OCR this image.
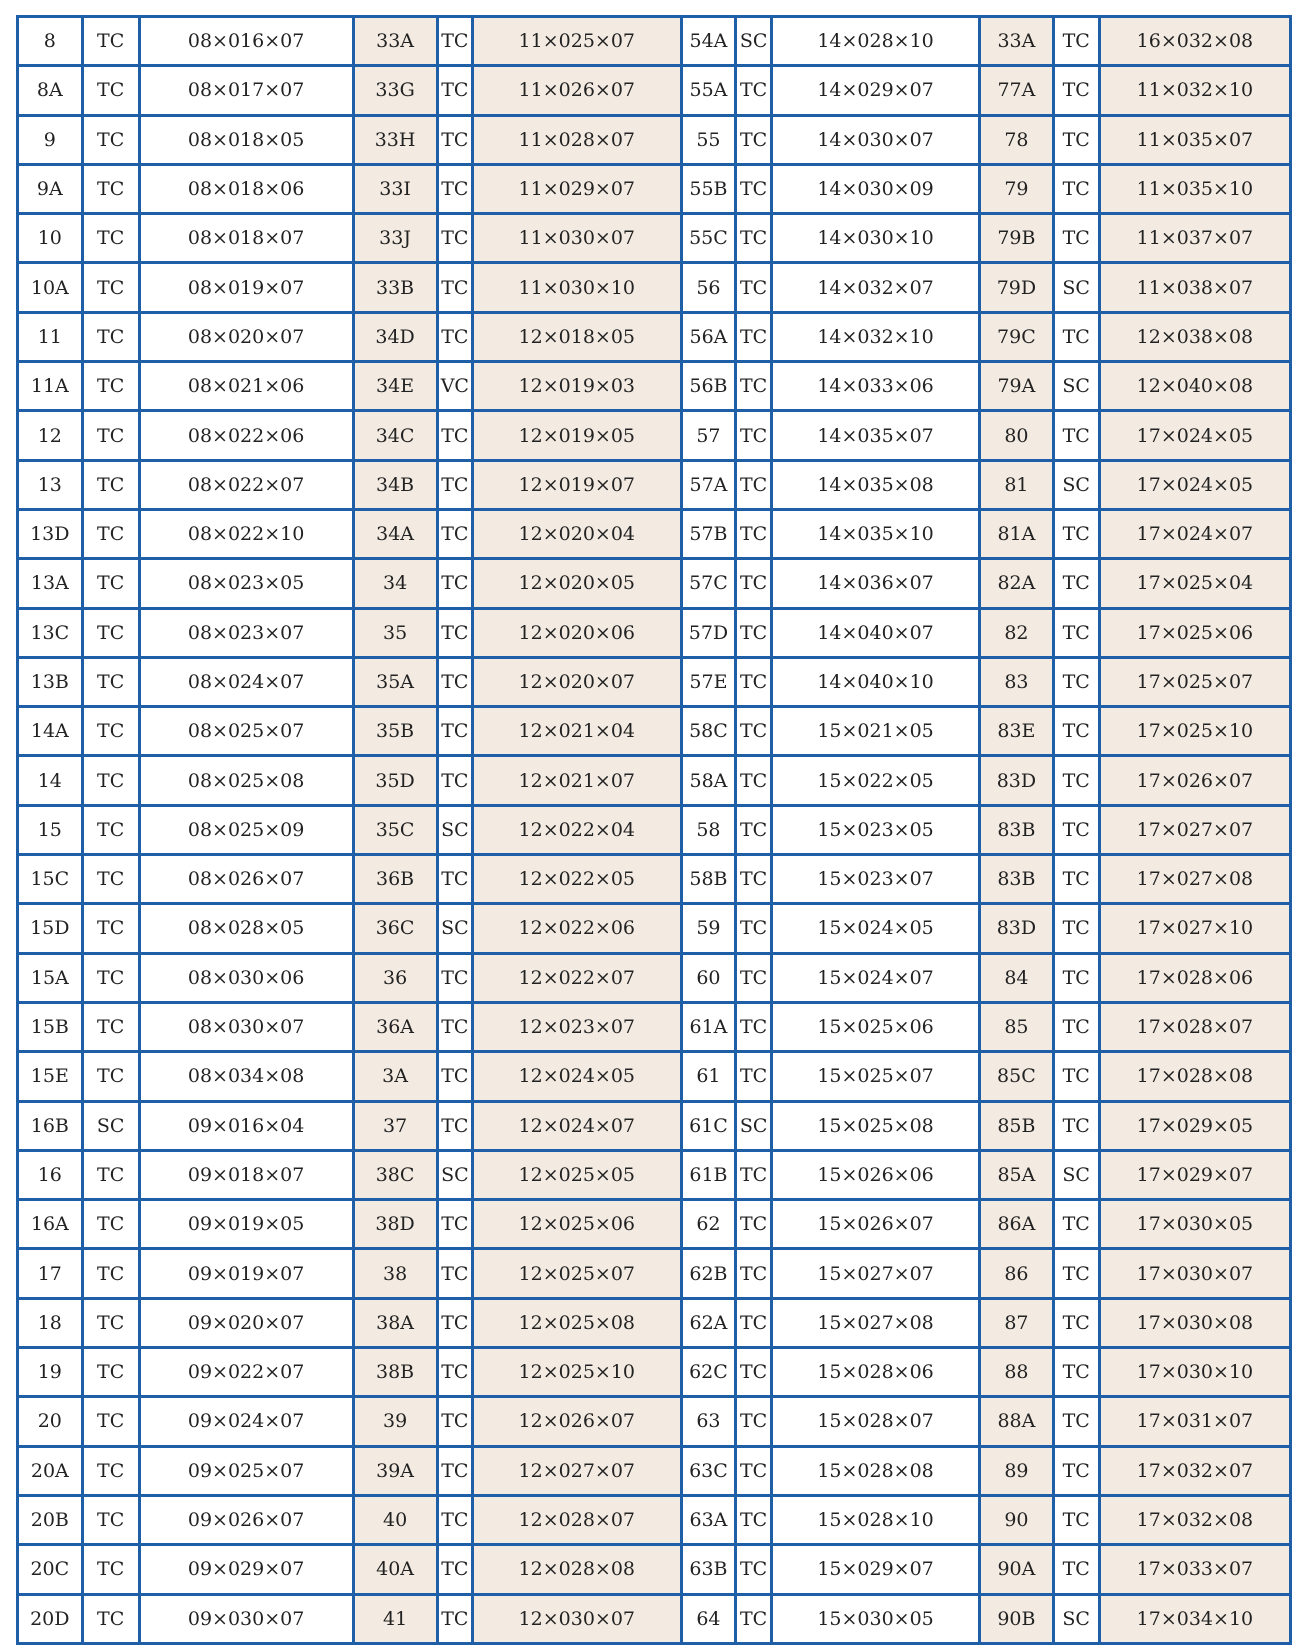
8	TC	08×016×07	33A	TC	11×025×07	54A	SC	14×028×10	33A	TC	16×032×08
8A	TC	08×017×07	33G	TC	11×026×07	55A	TC	14×029×07	77A	TC	11×032×10
9	TC	08×018×05	33H	TC	11×028×07	55	TC	14×030×07	78	TC	11×035×07
9A	TC	08×018×06	33I	TC	11×029×07	55B	TC	14×030×09	79	TC	11×035×10
10	TC	08×018×07	33J	TC	11×030×07	55C	TC	14×030×10	79B	TC	11×037×07
10A	TC	08×019×07	33B	TC	11×030×10	56	TC	14×032×07	79D	SC	11×038×07
11	TC	08×020×07	34D	TC	12×018×05	56A	TC	14×032×10	79C	TC	12×038×08
11A	TC	08×021×06	34E	VC	12×019×03	56B	TC	14×033×06	79A	SC	12×040×08
12	TC	08×022×06	34C	TC	12×019×05	57	TC	14×035×07	80	TC	17×024×05
13	TC	08×022×07	34B	TC	12×019×07	57A	TC	14×035×08	81	SC	17×024×05
13D	TC	08×022×10	34A	TC	12×020×04	57B	TC	14×035×10	81A	TC	17×024×07
13A	TC	08×023×05	34	TC	12×020×05	57C	TC	14×036×07	82A	TC	17×025×04
13C	TC	08×023×07	35	TC	12×020×06	57D	TC	14×040×07	82	TC	17×025×06
13B	TC	08×024×07	35A	TC	12×020×07	57E	TC	14×040×10	83	TC	17×025×07
14A	TC	08×025×07	35B	TC	12×021×04	58C	TC	15×021×05	83E	TC	17×025×10
14	TC	08×025×08	35D	TC	12×021×07	58A	TC	15×022×05	83D	TC	17×026×07
15	TC	08×025×09	35C	SC	12×022×04	58	TC	15×023×05	83B	TC	17×027×07
15C	TC	08×026×07	36B	TC	12×022×05	58B	TC	15×023×07	83B	TC	17×027×08
15D	TC	08×028×05	36C	SC	12×022×06	59	TC	15×024×05	83D	TC	17×027×10
15A	TC	08×030×06	36	TC	12×022×07	60	TC	15×024×07	84	TC	17×028×06
15B	TC	08×030×07	36A	TC	12×023×07	61A	TC	15×025×06	85	TC	17×028×07
15E	TC	08×034×08	3A	TC	12×024×05	61	TC	15×025×07	85C	TC	17×028×08
16B	SC	09×016×04	37	TC	12×024×07	61C	SC	15×025×08	85B	TC	17×029×05
16	TC	09×018×07	38C	SC	12×025×05	61B	TC	15×026×06	85A	SC	17×029×07
16A	TC	09×019×05	38D	TC	12×025×06	62	TC	15×026×07	86A	TC	17×030×05
17	TC	09×019×07	38	TC	12×025×07	62B	TC	15×027×07	86	TC	17×030×07
18	TC	09×020×07	38A	TC	12×025×08	62A	TC	15×027×08	87	TC	17×030×08
19	TC	09×022×07	38B	TC	12×025×10	62C	TC	15×028×06	88	TC	17×030×10
20	TC	09×024×07	39	TC	12×026×07	63	TC	15×028×07	88A	TC	17×031×07
20A	TC	09×025×07	39A	TC	12×027×07	63C	TC	15×028×08	89	TC	17×032×07
20B	TC	09×026×07	40	TC	12×028×07	63A	TC	15×028×10	90	TC	17×032×08
20C	TC	09×029×07	40A	TC	12×028×08	63B	TC	15×029×07	90A	TC	17×033×07
20D	TC	09×030×07	41	TC	12×030×07	64	TC	15×030×05	90B	SC	17×034×10
